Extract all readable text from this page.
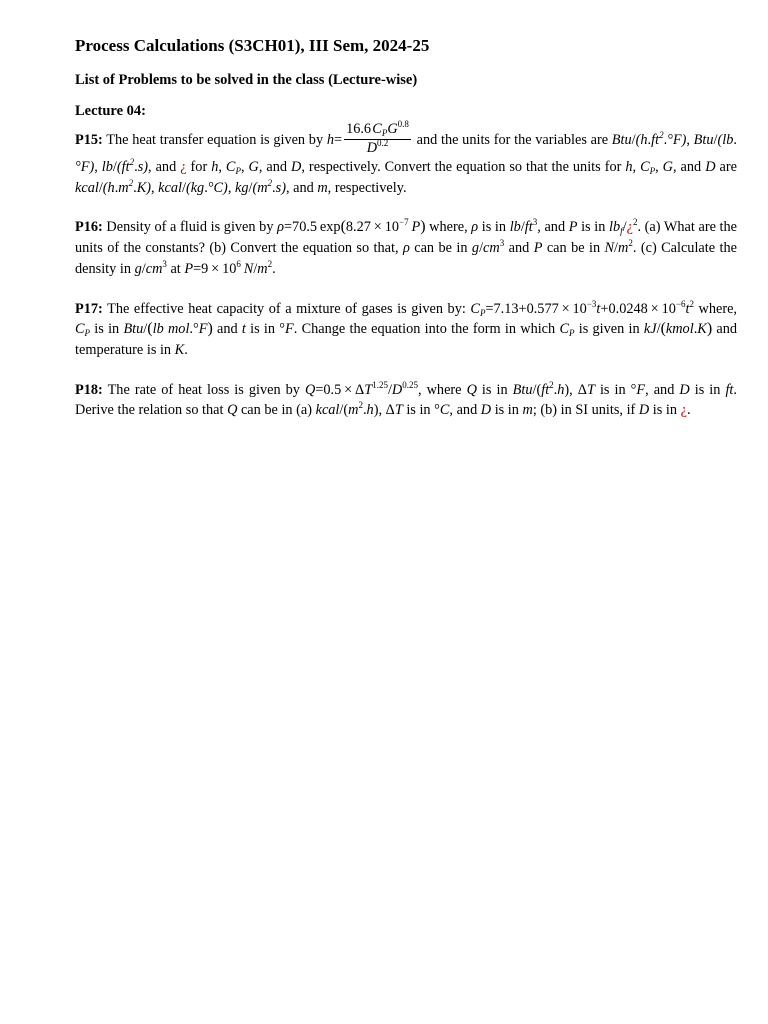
Process Calculations (S3CH01), III Sem, 2024-25
List of Problems to be solved in the class (Lecture-wise)
Lecture 04:

P15: The heat transfer equation is given by $h= \frac{16.6 C_PG^{0.8}}{D^{0.2}}$ and the units for the variables are Btu/$(h.ft^2.^\circ F)$, Btu/(lb.°F), $lb/(ft^2.s)$, and ¿ for h, $C_P$, G, and D, respectively. Convert the equation so that the units for h, $C_P$, G, and D are kcal/$(h.m^2.K)$, kcal/(kg.°C), $kg/(m^2.s)$, and m, respectively.

P16: Density of a fluid is given by ρ=70.5 $\exp(8.27 \times 10^{-7}$  P) where, ρ is in $lb/ft^3$, and P is in $lb_f/¿^2$. (a) What are the units of the constants? (b) Convert the equation so that, ρ can be in $g/cm^3$ and P can be in $N/m^2$. (c) Calculate the density in $g/cm^3$ at $P=9 \times 10^6$  $N/m^2$.

P17: The effective heat capacity of a mixture of gases is given by: $C_P=7.13+0.577 \times 10^{-3}t+0.0248 \times 10^{-6}t^2$ where, $C_P$ is in Btu/(lb mol.°F) and t is in °F. Change the equation into the form in which $C_P$ is given in kJ/(kmol.K) and temperature is in K.

P18: The rate of heat loss is given by $Q=0.5 \times \Delta T^{1.25}/D^{0.25}$, where Q is in Btu/$(ft^2.h)$, ΔT is in °F, and D is in ft. Derive the relation so that Q can be in (a) kcal/$(m^2.h)$, ΔT is in °C, and D is in m; (b) in SI units, if D is in ¿.
